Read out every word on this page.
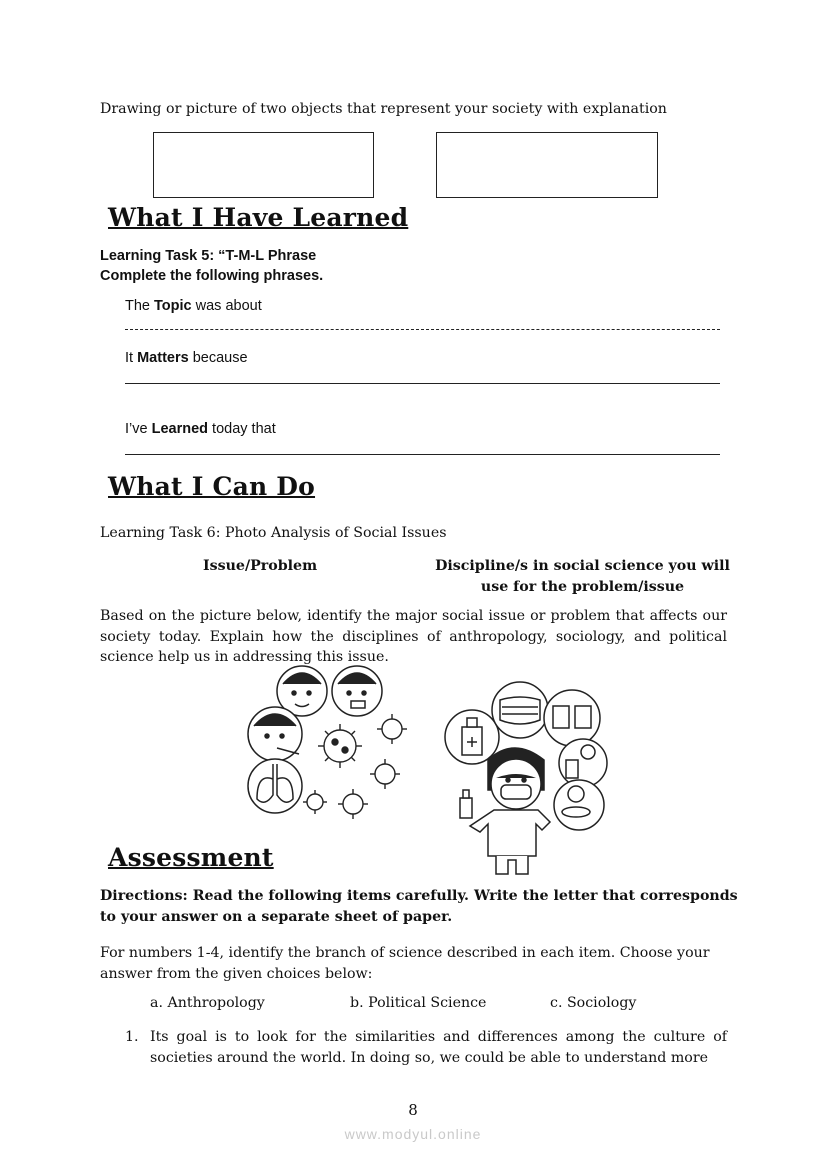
Drawing or picture of two objects that represent your society with explanation
What I Have Learned
Learning Task 5: “T-M-L Phrase
Complete the following phrases.
The Topic was about
It Matters because
I’ve Learned today that
What I Can Do
Learning Task 6: Photo Analysis of Social Issues
Issue/Problem	Discipline/s in social science you will
use for the problem/issue
Based on the picture below, identify the major social issue or problem that affects our society today. Explain how the disciplines of anthropology, sociology, and political science help us in addressing this issue.
Assessment
Directions: Read the following items carefully. Write the letter that corresponds to your answer on a separate sheet of paper.
For numbers 1-4, identify the branch of science described in each item. Choose your answer from the given choices below:
a. Anthropology	b. Political Science	c. Sociology
1. Its goal is to look for the similarities and differences among the culture of societies around the world. In doing so, we could be able to understand more
8
www.modyul.online
